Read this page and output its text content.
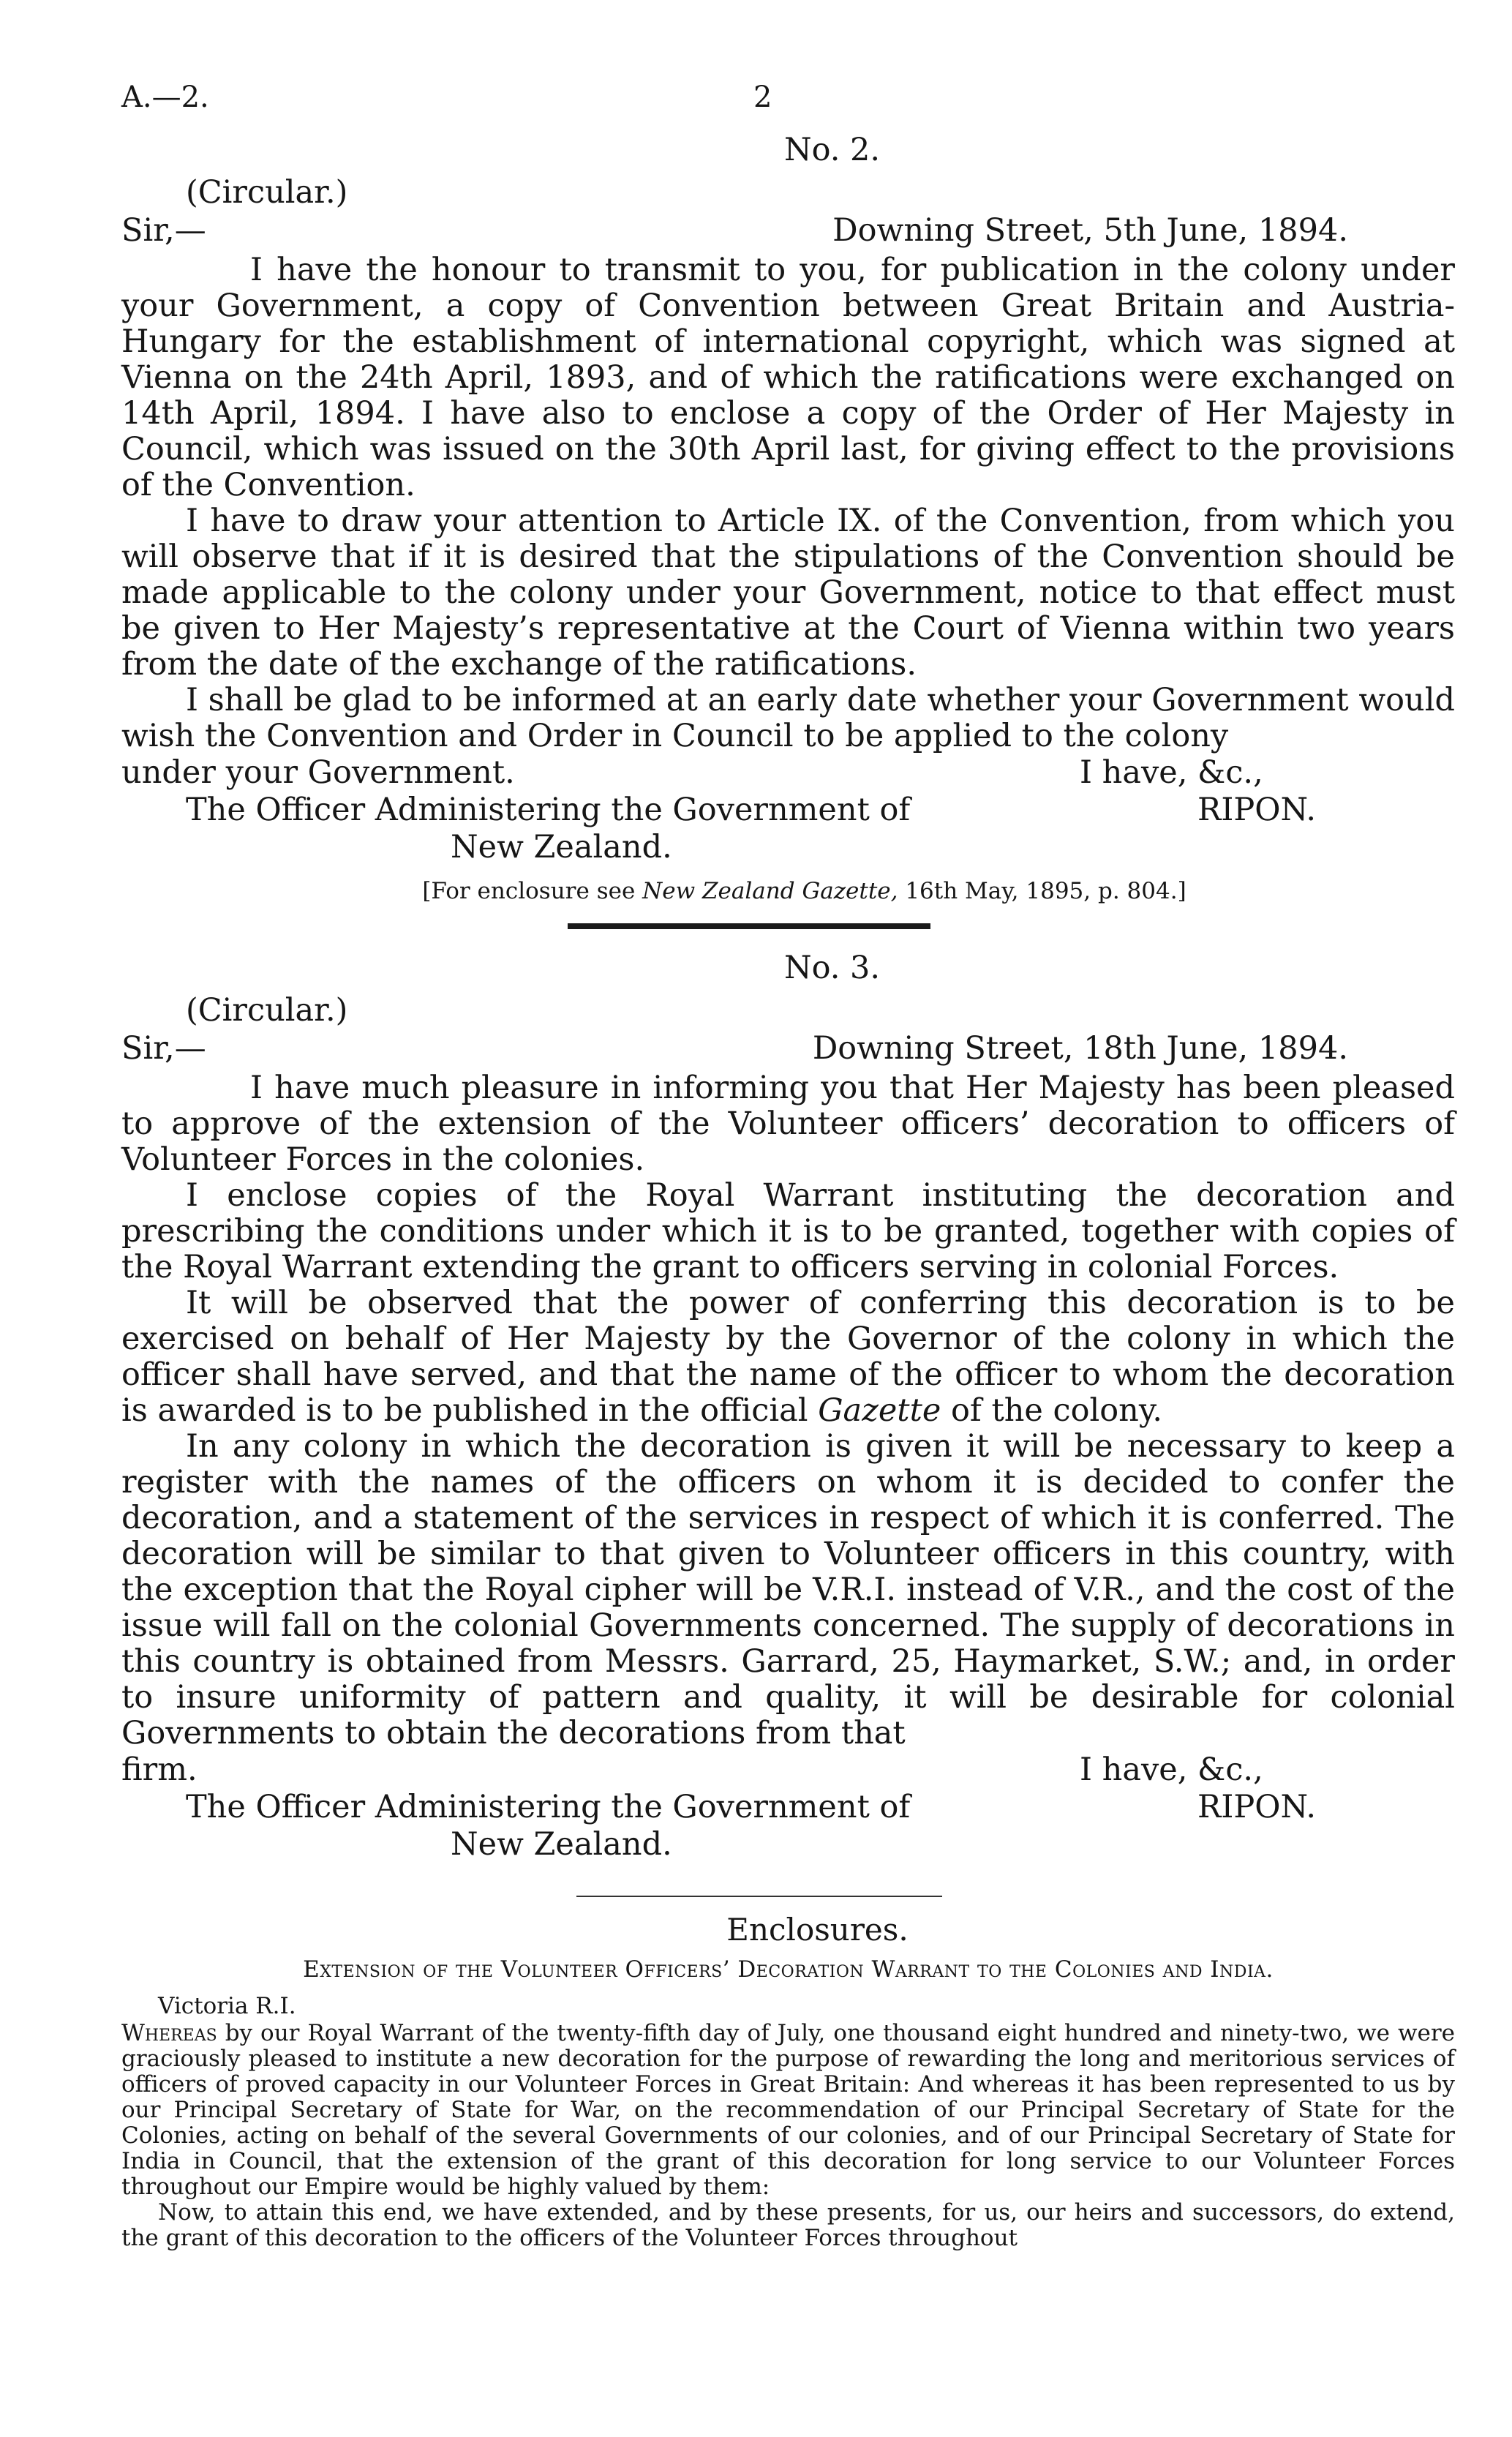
A.—2.	2
No. 2.
(Circular.)
Sir,—	Downing Street, 5th June, 1894.

I have the honour to transmit to you, for publication in the colony under your Government, a copy of Convention between Great Britain and Austria-Hungary for the establishment of international copyright, which was signed at Vienna on the 24th April, 1893, and of which the ratifications were exchanged on 14th April, 1894. I have also to enclose a copy of the Order of Her Majesty in Council, which was issued on the 30th April last, for giving effect to the provisions of the Convention.

I have to draw your attention to Article IX. of the Convention, from which you will observe that if it is desired that the stipulations of the Convention should be made applicable to the colony under your Government, notice to that effect must be given to Her Majesty’s representative at the Court of Vienna within two years from the date of the exchange of the ratifications.

I shall be glad to be informed at an early date whether your Government would wish the Convention and Order in Council to be applied to the colony

under your Government.	I have, &c.,
The Officer Administering the Government of	RIPON.
New Zealand.
[For enclosure see New Zealand Gazette, 16th May, 1895, p. 804.]
No. 3.
(Circular.)
Sir,—	Downing Street, 18th June, 1894.

I have much pleasure in informing you that Her Majesty has been pleased to approve of the extension of the Volunteer officers’ decoration to officers of Volunteer Forces in the colonies.

I enclose copies of the Royal Warrant instituting the decoration and prescribing the conditions under which it is to be granted, together with copies of the Royal Warrant extending the grant to officers serving in colonial Forces.

It will be observed that the power of conferring this decoration is to be exercised on behalf of Her Majesty by the Governor of the colony in which the officer shall have served, and that the name of the officer to whom the decoration is awarded is to be published in the official Gazette of the colony.

In any colony in which the decoration is given it will be necessary to keep a register with the names of the officers on whom it is decided to confer the decoration, and a statement of the services in respect of which it is conferred. The decoration will be similar to that given to Volunteer officers in this country, with the exception that the Royal cipher will be V.R.I. instead of V.R., and the cost of the issue will fall on the colonial Governments concerned. The supply of decorations in this country is obtained from Messrs. Garrard, 25, Haymarket, S.W.; and, in order to insure uniformity of pattern and quality, it will be desirable for colonial Governments to obtain the decorations from that

firm.	I have, &c.,
The Officer Administering the Government of	RIPON.
New Zealand.
Enclosures.
Extension of the Volunteer Officers’ Decoration Warrant to the Colonies and India.
Victoria R.I.

Whereas by our Royal Warrant of the twenty-fifth day of July, one thousand eight hundred and ninety-two, we were graciously pleased to institute a new decoration for the purpose of rewarding the long and meritorious services of officers of proved capacity in our Volunteer Forces in Great Britain: And whereas it has been represented to us by our Principal Secretary of State for War, on the recommendation of our Principal Secretary of State for the Colonies, acting on behalf of the several Governments of our colonies, and of our Principal Secretary of State for India in Council, that the extension of the grant of this decoration for long service to our Volunteer Forces throughout our Empire would be highly valued by them:

Now, to attain this end, we have extended, and by these presents, for us, our heirs and successors, do extend, the grant of this decoration to the officers of the Volunteer Forces throughout
